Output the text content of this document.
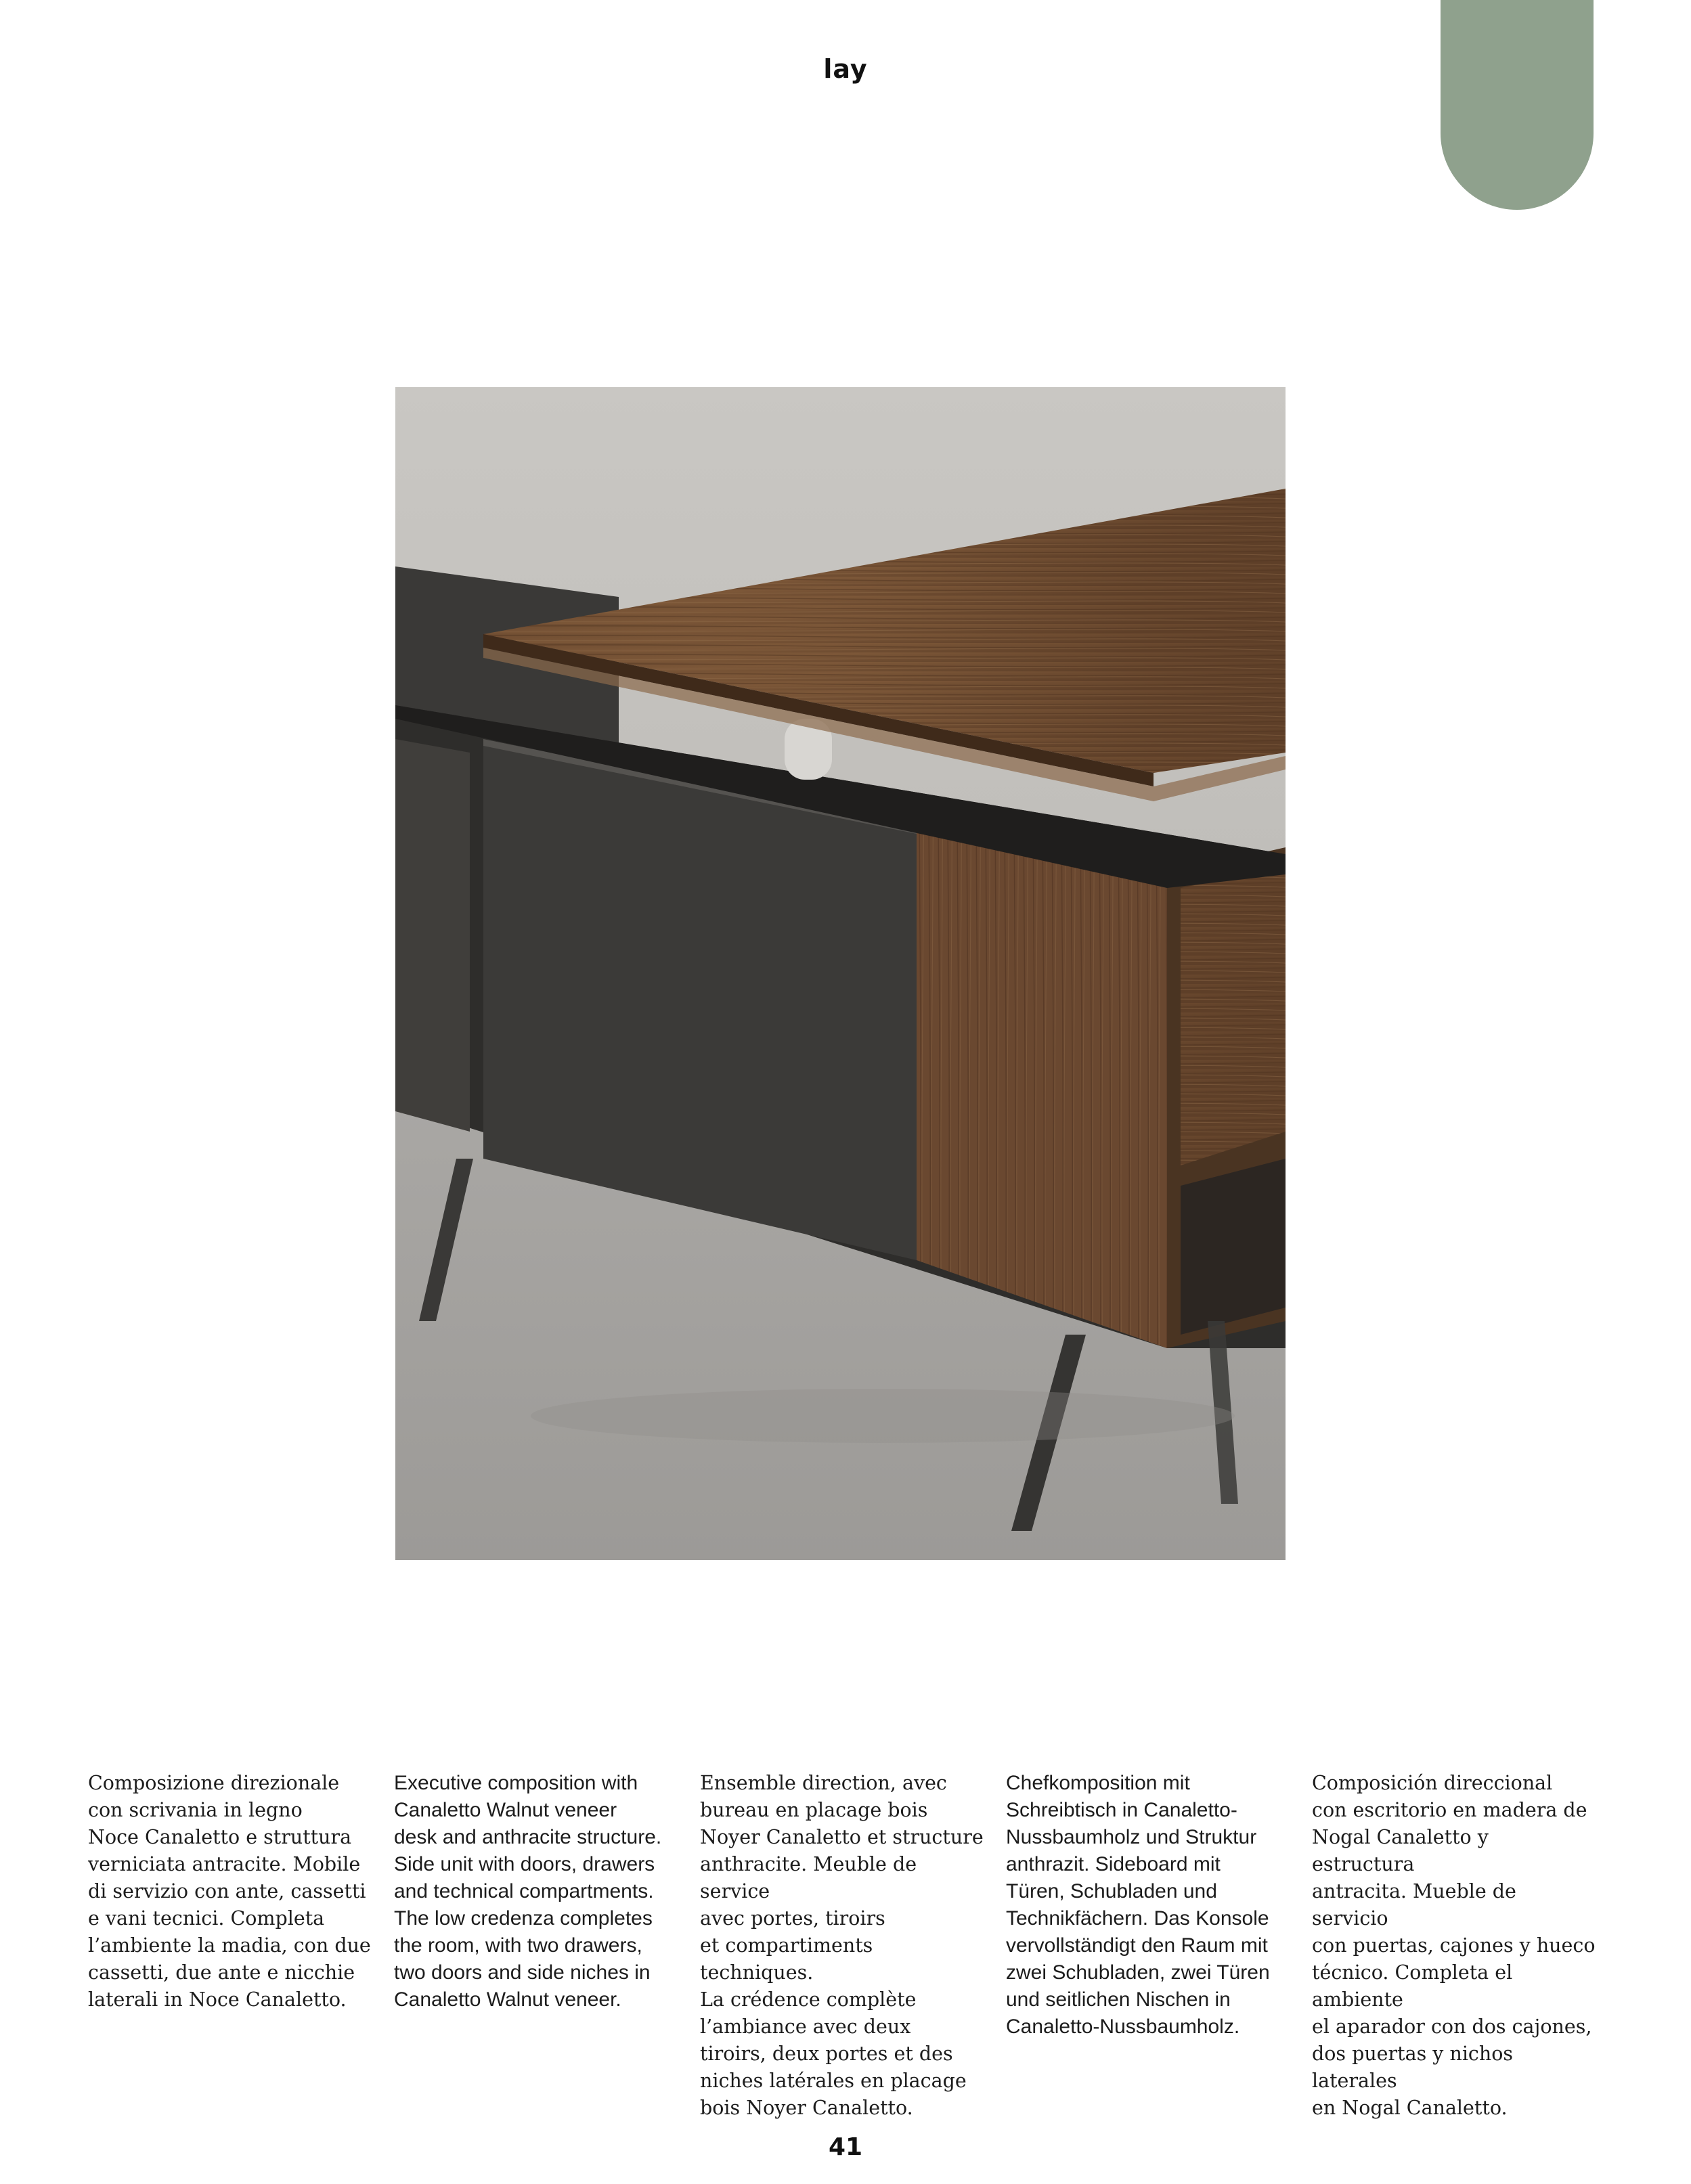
lay
Composizione direzionale
con scrivania in legno
Noce Canaletto e struttura
verniciata antracite. Mobile
di servizio con ante, cassetti
e vani tecnici. Completa
l’ambiente la madia, con due
cassetti, due ante e nicchie
laterali in Noce Canaletto.
Executive composition with
Canaletto Walnut veneer
desk and anthracite structure.
Side unit with doors, drawers
and technical compartments.
The low credenza completes
the room, with two drawers,
two doors and side niches in
Canaletto Walnut veneer.
Ensemble direction, avec
bureau en placage bois
Noyer Canaletto et structure
anthracite. Meuble de service
avec portes, tiroirs
et compartiments techniques.
La crédence complète
l’ambiance avec deux
tiroirs, deux portes et des
niches latérales en placage
bois Noyer Canaletto.
Chefkomposition mit
Schreibtisch in Canaletto-
Nussbaumholz und Struktur
anthrazit. Sideboard mit
Türen, Schubladen und
Technikfächern. Das Konsole
vervollständigt den Raum mit
zwei Schubladen, zwei Türen
und seitlichen Nischen in
Canaletto-Nussbaumholz.
Composición direccional
con escritorio en madera de
Nogal Canaletto y estructura
antracita. Mueble de servicio
con puertas, cajones y hueco
técnico. Completa el ambiente
el aparador con dos cajones,
dos puertas y nichos laterales
en Nogal Canaletto.
41
